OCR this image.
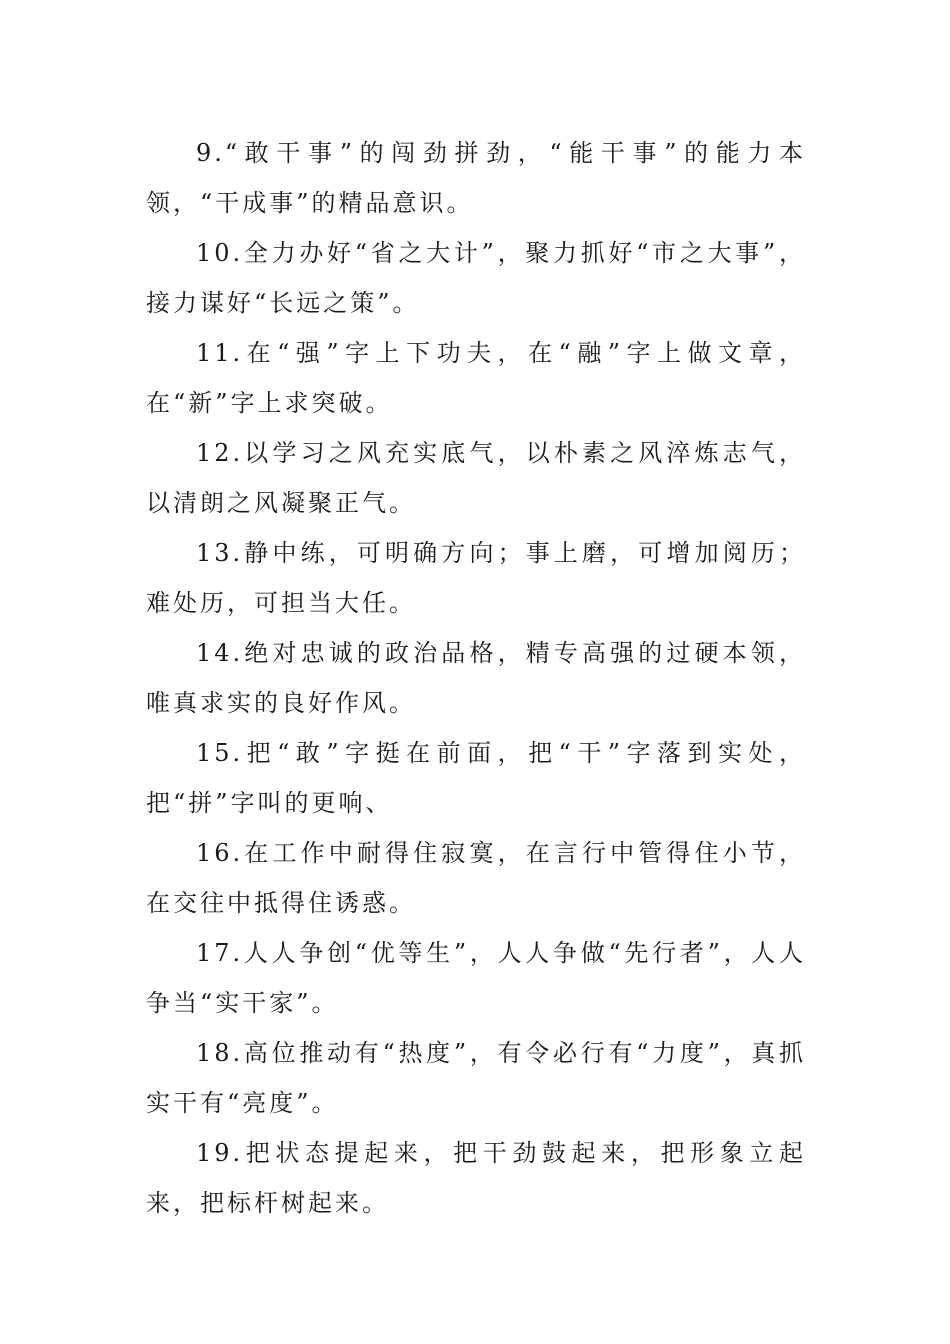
9.“敢干事”的闯劲拼劲，“能干事”的能力本领，“干成事”的精品意识。

10.全力办好“省之大计”，聚力抓好“市之大事”，接力谋好“长远之策”。

11.在“强”字上下功夫，在“融”字上做文章，在“新”字上求突破。

12.以学习之风充实底气，以朴素之风淬炼志气，以清朗之风凝聚正气。

13.静中练，可明确方向；事上磨，可增加阅历；难处历，可担当大任。

14.绝对忠诚的政治品格，精专高强的过硬本领，唯真求实的良好作风。

15.把“敢”字挺在前面，把“干”字落到实处，把“拼”字叫的更响、

16.在工作中耐得住寂寞，在言行中管得住小节，在交往中抵得住诱惑。

17.人人争创“优等生”，人人争做“先行者”，人人争当“实干家”。

18.高位推动有“热度”，有令必行有“力度”，真抓实干有“亮度”。

19.把状态提起来，把干劲鼓起来，把形象立起来，把标杆树起来。
